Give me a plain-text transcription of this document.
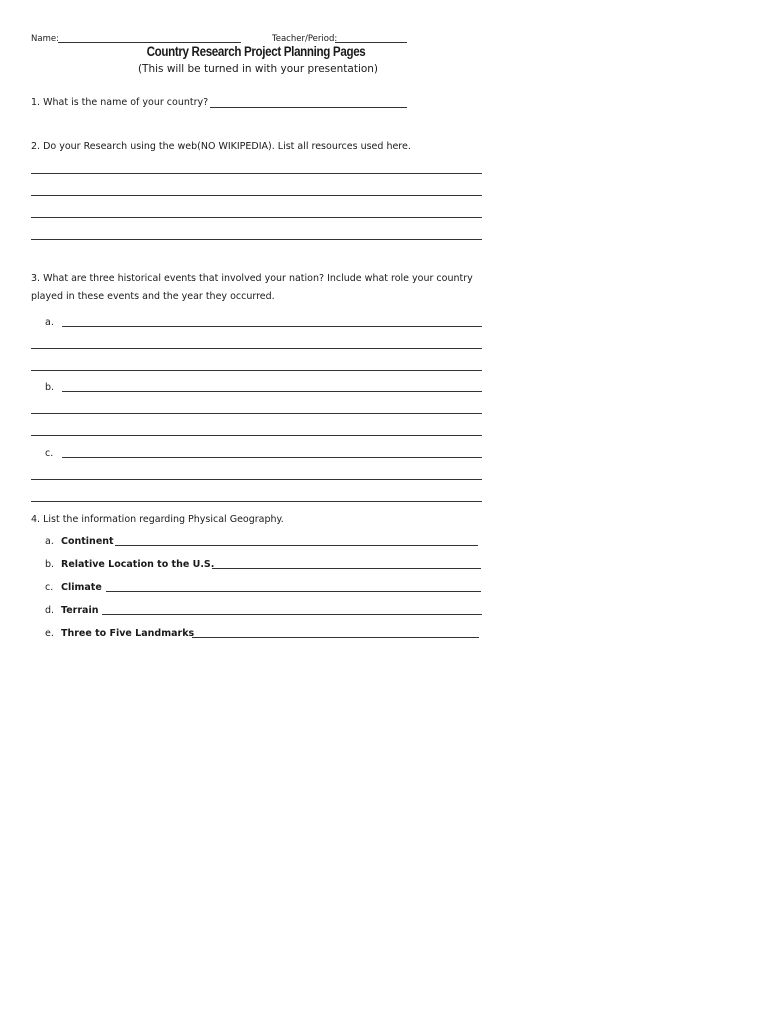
Name:	Teacher/Period:
Country Research Project Planning Pages
(This will be turned in with your presentation)
1. What is the name of your country?
2. Do your Research using the web(NO WIKIPEDIA). List all resources used here.
3. What are three historical events that involved your nation? Include what role your country
played in these events and the year they occurred.
a.
b.
c.
4. List the information regarding Physical Geography.
a. Continent
b. Relative Location to the U.S.
c. Climate
d. Terrain
e. Three to Five Landmarks
